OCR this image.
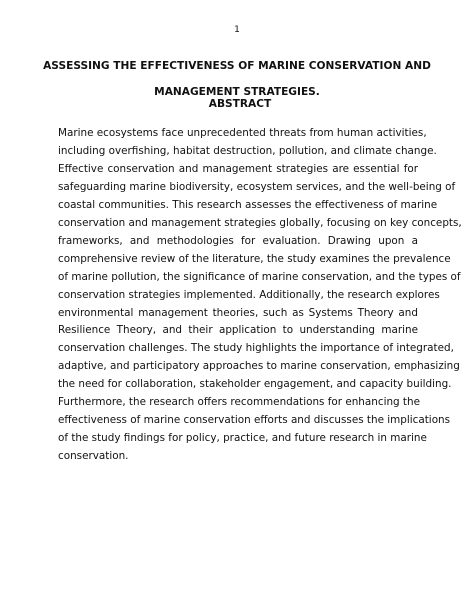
1
ASSESSING THE EFFECTIVENESS OF MARINE CONSERVATION AND
MANAGEMENT STRATEGIES.
ABSTRACT
Marine ecosystems face unprecedented threats from human activities,
including overfishing, habitat destruction, pollution, and climate change.
Effective conservation and management strategies are essential for
safeguarding marine biodiversity, ecosystem services, and the well-being of
coastal communities. This research assesses the effectiveness of marine
conservation and management strategies globally, focusing on key concepts,
frameworks, and methodologies for evaluation. Drawing upon a
comprehensive review of the literature, the study examines the prevalence
of marine pollution, the significance of marine conservation, and the types of
conservation strategies implemented. Additionally, the research explores
environmental management theories, such as Systems Theory and
Resilience Theory, and their application to understanding marine
conservation challenges. The study highlights the importance of integrated,
adaptive, and participatory approaches to marine conservation, emphasizing
the need for collaboration, stakeholder engagement, and capacity building.
Furthermore, the research offers recommendations for enhancing the
effectiveness of marine conservation efforts and discusses the implications
of the study findings for policy, practice, and future research in marine
conservation.
